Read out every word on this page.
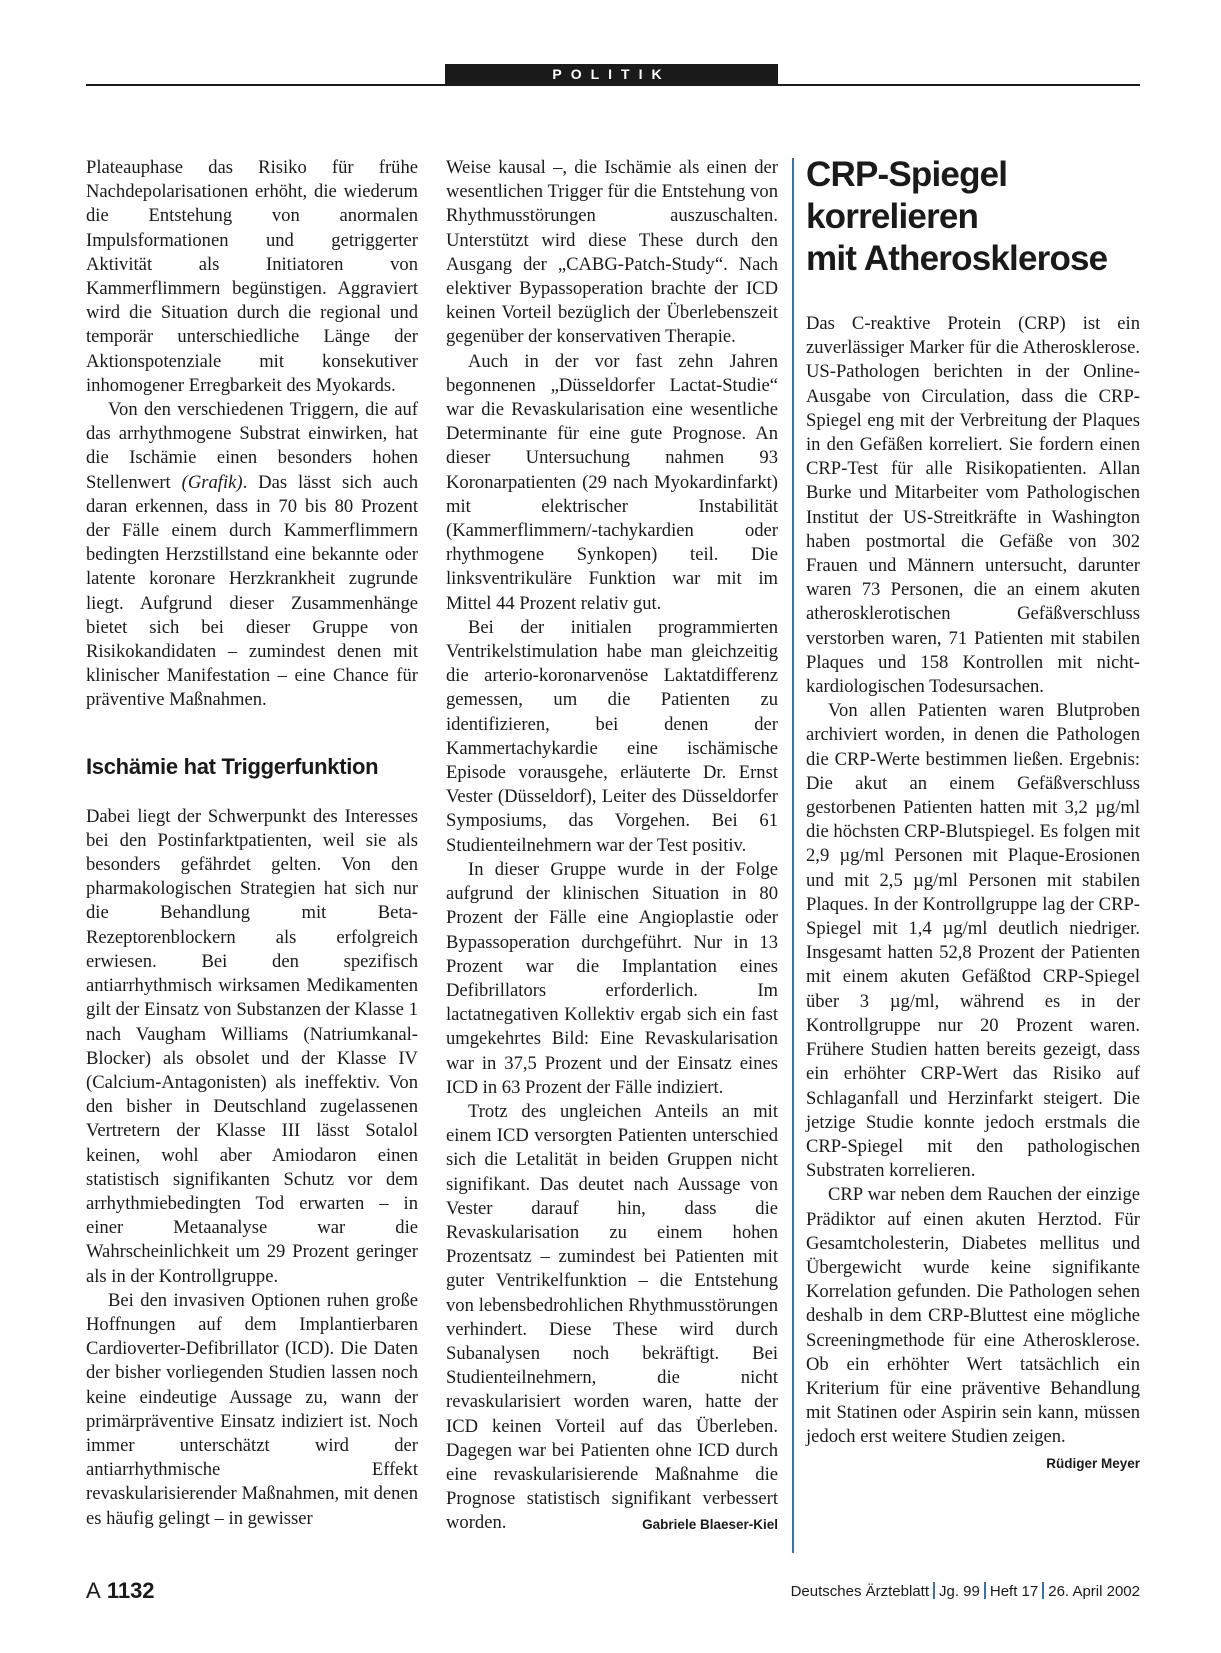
POLITIK

Plateauphase das Risiko für frühe Nachdepolarisationen erhöht, die wiederum die Entstehung von anormalen Impulsformationen und getriggerter Aktivität als Initiatoren von Kammerflimmern begünstigen. Aggraviert wird die Situation durch die regional und temporär unterschiedliche Länge der Aktionspotenziale mit konsekutiver inhomogener Erregbarkeit des Myokards.

Von den verschiedenen Triggern, die auf das arrhythmogene Substrat einwirken, hat die Ischämie einen besonders hohen Stellenwert (Grafik). Das lässt sich auch daran erkennen, dass in 70 bis 80 Prozent der Fälle einem durch Kammerflimmern bedingten Herzstillstand eine bekannte oder latente koronare Herzkrankheit zugrunde liegt. Aufgrund dieser Zusammenhänge bietet sich bei dieser Gruppe von Risikokandidaten – zumindest denen mit klinischer Manifestation – eine Chance für präventive Maßnahmen.

Ischämie hat Triggerfunktion

Dabei liegt der Schwerpunkt des Interesses bei den Postinfarktpatienten, weil sie als besonders gefährdet gelten. Von den pharmakologischen Strategien hat sich nur die Behandlung mit Beta-Rezeptorenblockern als erfolgreich erwiesen. Bei den spezifisch antiarrhythmisch wirksamen Medikamenten gilt der Einsatz von Substanzen der Klasse 1 nach Vaugham Williams (Natriumkanal-Blocker) als obsolet und der Klasse IV (Calcium-Antagonisten) als ineffektiv. Von den bisher in Deutschland zugelassenen Vertretern der Klasse III lässt Sotalol keinen, wohl aber Amiodaron einen statistisch signifikanten Schutz vor dem arrhythmiebedingten Tod erwarten – in einer Metaanalyse war die Wahrscheinlichkeit um 29 Prozent geringer als in der Kontrollgruppe.

Bei den invasiven Optionen ruhen große Hoffnungen auf dem Implantierbaren Cardioverter-Defibrillator (ICD). Die Daten der bisher vorliegenden Studien lassen noch keine eindeutige Aussage zu, wann der primärpräventive Einsatz indiziert ist. Noch immer unterschätzt wird der antiarrhythmische Effekt revaskularisierender Maßnahmen, mit denen es häufig gelingt – in gewisser

Weise kausal –, die Ischämie als einen der wesentlichen Trigger für die Entstehung von Rhythmusstörungen auszuschalten. Unterstützt wird diese These durch den Ausgang der „CABG-Patch-Study“. Nach elektiver Bypassoperation brachte der ICD keinen Vorteil bezüglich der Überlebenszeit gegenüber der konservativen Therapie.

Auch in der vor fast zehn Jahren begonnenen „Düsseldorfer Lactat-Studie“ war die Revaskularisation eine wesentliche Determinante für eine gute Prognose. An dieser Untersuchung nahmen 93 Koronarpatienten (29 nach Myokardinfarkt) mit elektrischer Instabilität (Kammerflimmern/-tachykardien oder rhythmogene Synkopen) teil. Die linksventrikuläre Funktion war mit im Mittel 44 Prozent relativ gut.

Bei der initialen programmierten Ventrikelstimulation habe man gleichzeitig die arterio-koronarvenöse Laktatdifferenz gemessen, um die Patienten zu identifizieren, bei denen der Kammertachykardie eine ischämische Episode vorausgehe, erläuterte Dr. Ernst Vester (Düsseldorf), Leiter des Düsseldorfer Symposiums, das Vorgehen. Bei 61 Studienteilnehmern war der Test positiv.

In dieser Gruppe wurde in der Folge aufgrund der klinischen Situation in 80 Prozent der Fälle eine Angioplastie oder Bypassoperation durchgeführt. Nur in 13 Prozent war die Implantation eines Defibrillators erforderlich. Im lactatnegativen Kollektiv ergab sich ein fast umgekehrtes Bild: Eine Revaskularisation war in 37,5 Prozent und der Einsatz eines ICD in 63 Prozent der Fälle indiziert.

Trotz des ungleichen Anteils an mit einem ICD versorgten Patienten unterschied sich die Letalität in beiden Gruppen nicht signifikant. Das deutet nach Aussage von Vester darauf hin, dass die Revaskularisation zu einem hohen Prozentsatz – zumindest bei Patienten mit guter Ventrikelfunktion – die Entstehung von lebensbedrohlichen Rhythmusstörungen verhindert. Diese These wird durch Subanalysen noch bekräftigt. Bei Studienteilnehmern, die nicht revaskularisiert worden waren, hatte der ICD keinen Vorteil auf das Überleben. Dagegen war bei Patienten ohne ICD durch eine revaskularisierende Maßnahme die Prognose statistisch signifikant verbessert worden.	Gabriele Blaeser-Kiel

CRP-Spiegel
korrelieren
mit Atherosklerose

Das C-reaktive Protein (CRP) ist ein zuverlässiger Marker für die Atherosklerose. US-Pathologen berichten in der Online-Ausgabe von Circulation, dass die CRP-Spiegel eng mit der Verbreitung der Plaques in den Gefäßen korreliert. Sie fordern einen CRP-Test für alle Risikopatienten. Allan Burke und Mitarbeiter vom Pathologischen Institut der US-Streitkräfte in Washington haben postmortal die Gefäße von 302 Frauen und Männern untersucht, darunter waren 73 Personen, die an einem akuten atherosklerotischen Gefäßverschluss verstorben waren, 71 Patienten mit stabilen Plaques und 158 Kontrollen mit nicht-kardiologischen Todesursachen.

Von allen Patienten waren Blutproben archiviert worden, in denen die Pathologen die CRP-Werte bestimmen ließen. Ergebnis: Die akut an einem Gefäßverschluss gestorbenen Patienten hatten mit 3,2 µg/ml die höchsten CRP-Blutspiegel. Es folgen mit 2,9 µg/ml Personen mit Plaque-Erosionen und mit 2,5 µg/ml Personen mit stabilen Plaques. In der Kontrollgruppe lag der CRP-Spiegel mit 1,4 µg/ml deutlich niedriger. Insgesamt hatten 52,8 Prozent der Patienten mit einem akuten Gefäßtod CRP-Spiegel über 3 µg/ml, während es in der Kontrollgruppe nur 20 Prozent waren. Frühere Studien hatten bereits gezeigt, dass ein erhöhter CRP-Wert das Risiko auf Schlaganfall und Herzinfarkt steigert. Die jetzige Studie konnte jedoch erstmals die CRP-Spiegel mit den pathologischen Substraten korrelieren.

CRP war neben dem Rauchen der einzige Prädiktor auf einen akuten Herztod. Für Gesamtcholesterin, Diabetes mellitus und Übergewicht wurde keine signifikante Korrelation gefunden. Die Pathologen sehen deshalb in dem CRP-Bluttest eine mögliche Screeningmethode für eine Atherosklerose. Ob ein erhöhter Wert tatsächlich ein Kriterium für eine präventive Behandlung mit Statinen oder Aspirin sein kann, müssen jedoch erst weitere Studien zeigen.
Rüdiger Meyer

A 1132	Deutsches Ärzteblatt Jg. 99 Heft 17 26. April 2002
